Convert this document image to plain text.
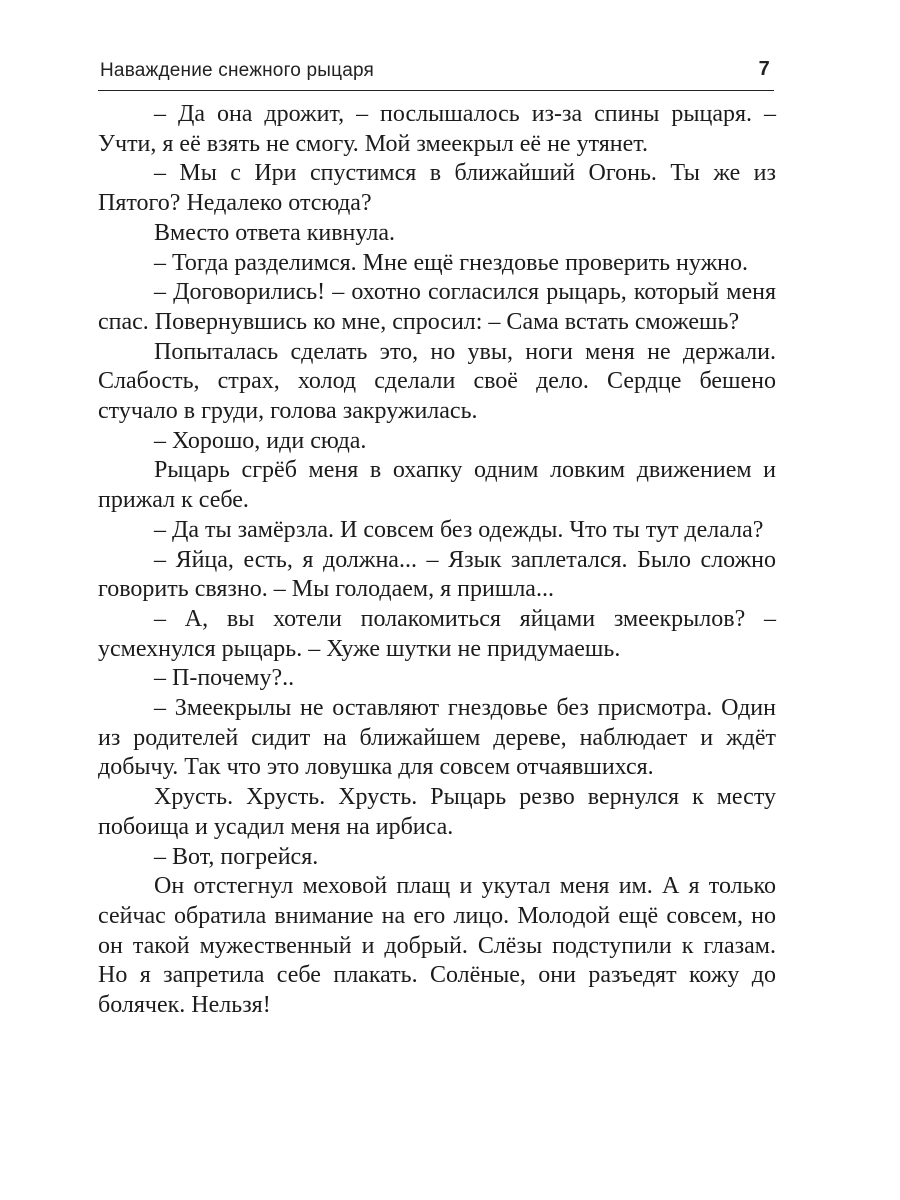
Наваждение снежного рыцаря	7

– Да она дрожит, – послышалось из-за спины рыцаря. – Учти, я её взять не смогу. Мой змеекрыл её не утянет.

– Мы с Ири спустимся в ближайший Огонь. Ты же из Пятого? Недалеко отсюда?

Вместо ответа кивнула.

– Тогда разделимся. Мне ещё гнездовье проверить нужно.

– Договорились! – охотно согласился рыцарь, который меня спас. Повернувшись ко мне, спросил: – Сама встать сможешь?

Попыталась сделать это, но увы, ноги меня не держали. Слабость, страх, холод сделали своё дело. Сердце бешено стучало в груди, голова закружилась.

– Хорошо, иди сюда.

Рыцарь сгрёб меня в охапку одним ловким движением и прижал к себе.

– Да ты замёрзла. И совсем без одежды. Что ты тут делала?

– Яйца, есть, я должна... – Язык заплетался. Было сложно говорить связно. – Мы голодаем, я пришла...

– А, вы хотели полакомиться яйцами змеекрылов? – усмехнулся рыцарь. – Хуже шутки не придумаешь.

– П-почему?..

– Змеекрылы не оставляют гнездовье без присмотра. Один из родителей сидит на ближайшем дереве, наблюдает и ждёт добычу. Так что это ловушка для совсем отчаявшихся.

Хрусть. Хрусть. Хрусть. Рыцарь резво вернулся к месту побоища и усадил меня на ирбиса.

– Вот, погрейся.

Он отстегнул меховой плащ и укутал меня им. А я только сейчас обратила внимание на его лицо. Молодой ещё совсем, но он такой мужественный и добрый. Слёзы подступили к глазам. Но я запретила себе плакать. Солёные, они разъедят кожу до болячек. Нельзя!
